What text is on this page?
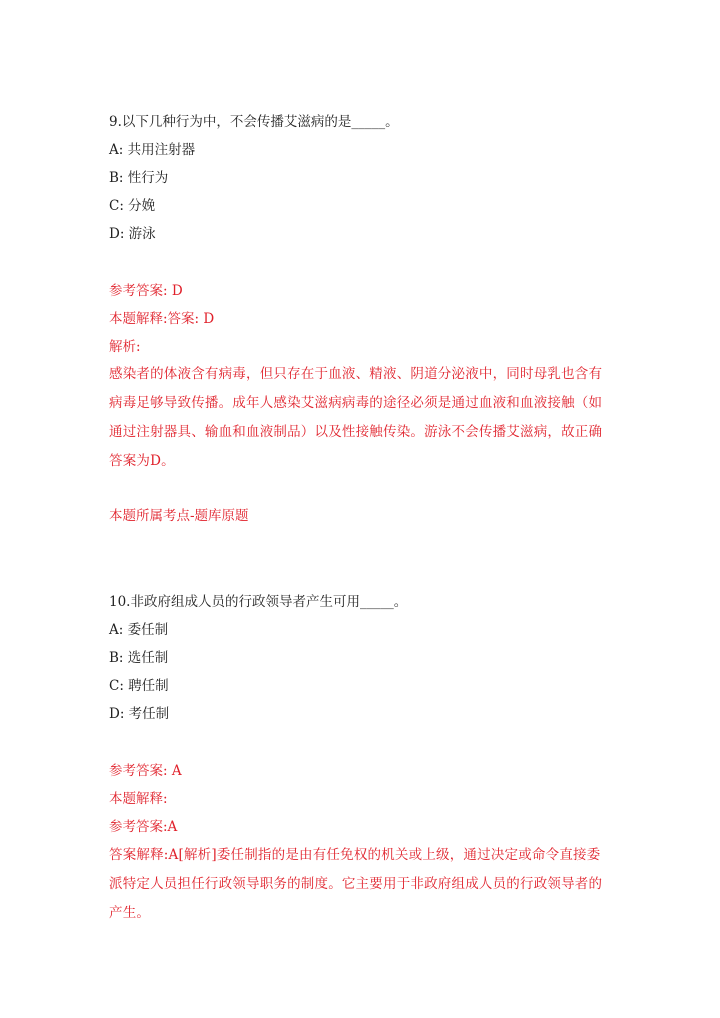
9.以下几种行为中，不会传播艾滋病的是_____。
A: 共用注射器
B: 性行为
C: 分娩
D: 游泳
参考答案: D
本题解释:答案: D
解析:
感染者的体液含有病毒，但只存在于血液、精液、阴道分泌液中，同时母乳也含有病毒足够导致传播。成年人感染艾滋病病毒的途径必须是通过血液和血液接触（如通过注射器具、输血和血液制品）以及性接触传染。游泳不会传播艾滋病，故正确答案为D。
本题所属考点-题库原题
10.非政府组成人员的行政领导者产生可用_____。
A: 委任制
B: 选任制
C: 聘任制
D: 考任制
参考答案: A
本题解释:
参考答案:A
答案解释:A[解析]委任制指的是由有任免权的机关或上级，通过决定或命令直接委派特定人员担任行政领导职务的制度。它主要用于非政府组成人员的行政领导者的产生。
